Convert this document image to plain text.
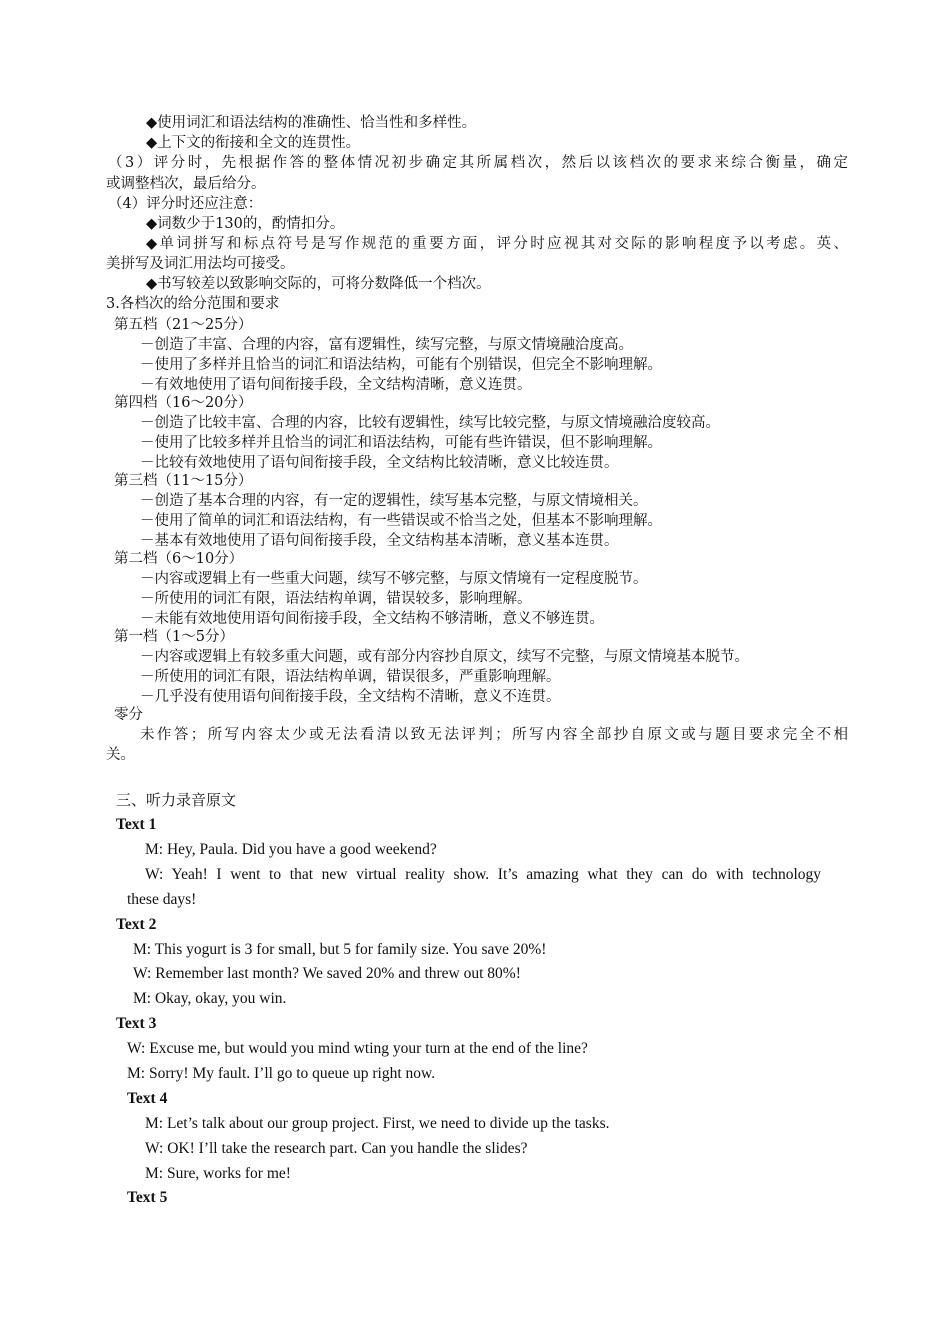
◆使用词汇和语法结构的准确性、恰当性和多样性。
◆上下文的衔接和全文的连贯性。
（3）评分时，先根据作答的整体情况初步确定其所属档次，然后以该档次的要求来综合衡量，确定
或调整档次，最后给分。
（4）评分时还应注意：
◆词数少于130的，酌情扣分。
◆单词拼写和标点符号是写作规范的重要方面，评分时应视其对交际的影响程度予以考虑。英、
美拼写及词汇用法均可接受。
◆书写较差以致影响交际的，可将分数降低一个档次。
3.各档次的给分范围和要求
第五档（21～25分）
－创造了丰富、合理的内容，富有逻辑性，续写完整，与原文情境融洽度高。
－使用了多样并且恰当的词汇和语法结构，可能有个别错误，但完全不影响理解。
－有效地使用了语句间衔接手段，全文结构清晰，意义连贯。
第四档（16～20分）
－创造了比较丰富、合理的内容，比较有逻辑性，续写比较完整，与原文情境融洽度较高。
－使用了比较多样并且恰当的词汇和语法结构，可能有些许错误，但不影响理解。
－比较有效地使用了语句间衔接手段，全文结构比较清晰，意义比较连贯。
第三档（11～15分）
－创造了基本合理的内容，有一定的逻辑性，续写基本完整，与原文情境相关。
－使用了简单的词汇和语法结构，有一些错误或不恰当之处，但基本不影响理解。
－基本有效地使用了语句间衔接手段，全文结构基本清晰，意义基本连贯。
第二档（6～10分）
－内容或逻辑上有一些重大问题，续写不够完整，与原文情境有一定程度脱节。
－所使用的词汇有限，语法结构单调，错误较多，影响理解。
－未能有效地使用语句间衔接手段，全文结构不够清晰，意义不够连贯。
第一档（1～5分）
－内容或逻辑上有较多重大问题，或有部分内容抄自原文，续写不完整，与原文情境基本脱节。
－所使用的词汇有限，语法结构单调，错误很多，严重影响理解。
－几乎没有使用语句间衔接手段，全文结构不清晰，意义不连贯。
零分
未作答；所写内容太少或无法看清以致无法评判；所写内容全部抄自原文或与题目要求完全不相
关。
三、听力录音原文
Text 1
M: Hey, Paula. Did you have a good weekend?
W: Yeah! I went to that new virtual reality show. It’s amazing what they can do with technology
these days!
Text 2
M: This yogurt is 3 for small, but 5 for family size. You save 20%!
W: Remember last month? We saved 20% and threw out 80%!
M: Okay, okay, you win.
Text 3
W: Excuse me, but would you mind wting your turn at the end of the line?
M: Sorry! My fault. I’ll go to queue up right now.
Text 4
M: Let’s talk about our group project. First, we need to divide up the tasks.
W: OK! I’ll take the research part. Can you handle the slides?
M: Sure, works for me!
Text 5
